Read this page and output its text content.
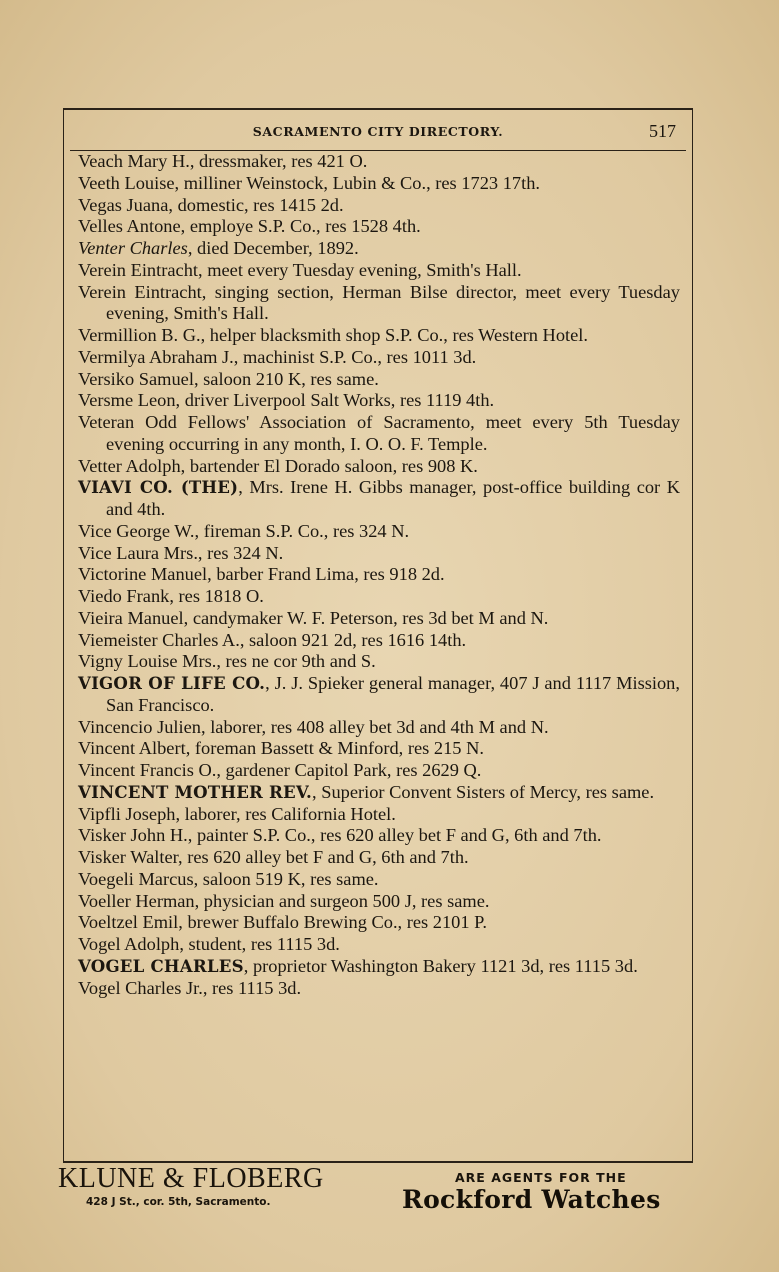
SACRAMENTO CITY DIRECTORY.	517

Veach Mary H., dressmaker, res 421 O.

Veeth Louise, milliner Weinstock, Lubin & Co., res 1723 17th.

Vegas Juana, domestic, res 1415 2d.

Velles Antone, employe S.P. Co., res 1528 4th.

Venter Charles, died December, 1892.

Verein Eintracht, meet every Tuesday evening, Smith's Hall.

Verein Eintracht, singing section, Herman Bilse director, meet every Tuesday evening, Smith's Hall.

Vermillion B. G., helper blacksmith shop S.P. Co., res Western Hotel.

Vermilya Abraham J., machinist S.P. Co., res 1011 3d.

Versiko Samuel, saloon 210 K, res same.

Versme Leon, driver Liverpool Salt Works, res 1119 4th.

Veteran Odd Fellows' Association of Sacramento, meet every 5th Tuesday evening occurring in any month, I. O. O. F. Temple.

Vetter Adolph, bartender El Dorado saloon, res 908 K.

VIAVI CO. (THE), Mrs. Irene H. Gibbs manager, post-office building cor K and 4th.

Vice George W., fireman S.P. Co., res 324 N.

Vice Laura Mrs., res 324 N.

Victorine Manuel, barber Frand Lima, res 918 2d.

Viedo Frank, res 1818 O.

Vieira Manuel, candymaker W. F. Peterson, res 3d bet M and N.

Viemeister Charles A., saloon 921 2d, res 1616 14th.

Vigny Louise Mrs., res ne cor 9th and S.

VIGOR OF LIFE CO., J. J. Spieker general manager, 407 J and 1117 Mission, San Francisco.

Vincencio Julien, laborer, res 408 alley bet 3d and 4th M and N.

Vincent Albert, foreman Bassett & Minford, res 215 N.

Vincent Francis O., gardener Capitol Park, res 2629 Q.

VINCENT MOTHER REV., Superior Convent Sisters of Mercy, res same.

Vipfli Joseph, laborer, res California Hotel.

Visker John H., painter S.P. Co., res 620 alley bet F and G, 6th and 7th.

Visker Walter, res 620 alley bet F and G, 6th and 7th.

Voegeli Marcus, saloon 519 K, res same.

Voeller Herman, physician and surgeon 500 J, res same.

Voeltzel Emil, brewer Buffalo Brewing Co., res 2101 P.

Vogel Adolph, student, res 1115 3d.

VOGEL CHARLES, proprietor Washington Bakery 1121 3d, res 1115 3d.

Vogel Charles Jr., res 1115 3d.

KLUNE & FLOBERG
428 J St., cor. 5th, Sacramento.
ARE AGENTS FOR THE
Rockford Watches
